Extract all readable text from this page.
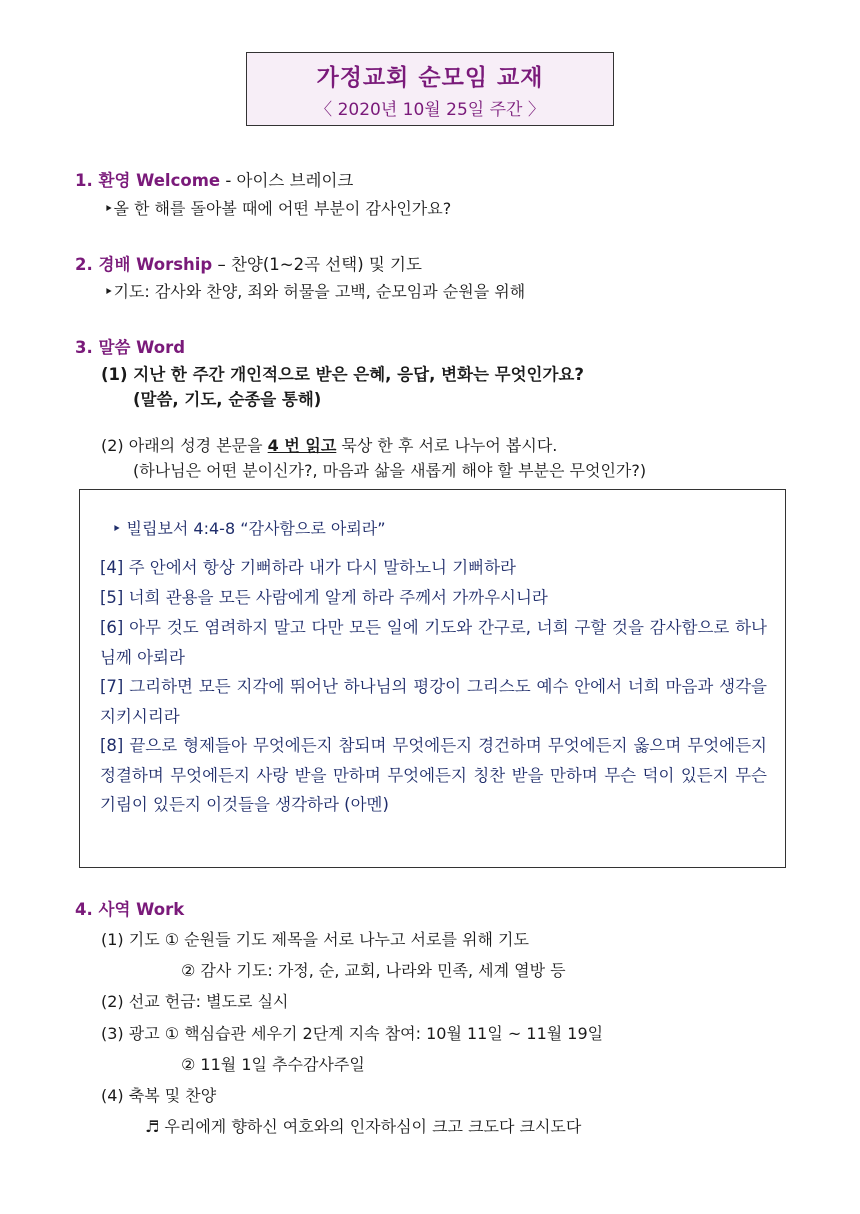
가정교회 순모임 교재
〈 2020년 10월 25일 주간 〉
1. 환영 Welcome - 아이스 브레이크
‣올 한 해를 돌아볼 때에 어떤 부분이 감사인가요?
2. 경배 Worship – 찬양(1~2곡 선택) 및 기도
‣기도: 감사와 찬양, 죄와 허물을 고백, 순모임과 순원을 위해
3. 말씀 Word
(1) 지난 한 주간 개인적으로 받은 은혜, 응답, 변화는 무엇인가요?
(말씀, 기도, 순종을 통해)
(2) 아래의 성경 본문을 4 번 읽고 묵상 한 후 서로 나누어 봅시다.
(하나님은 어떤 분이신가?, 마음과 삶을 새롭게 해야 할 부분은 무엇인가?)
‣ 빌립보서 4:4-8 “감사함으로 아뢰라”
[4] 주 안에서 항상 기뻐하라 내가 다시 말하노니 기뻐하라
[5] 너희 관용을 모든 사람에게 알게 하라 주께서 가까우시니라
[6] 아무 것도 염려하지 말고 다만 모든 일에 기도와 간구로, 너희 구할 것을 감사함으로 하나님께 아뢰라
[7] 그리하면 모든 지각에 뛰어난 하나님의 평강이 그리스도 예수 안에서 너희 마음과 생각을 지키시리라
[8] 끝으로 형제들아 무엇에든지 참되며 무엇에든지 경건하며 무엇에든지 옳으며 무엇에든지 정결하며 무엇에든지 사랑 받을 만하며 무엇에든지 칭찬 받을 만하며 무슨 덕이 있든지 무슨 기림이 있든지 이것들을 생각하라 (아멘)
4. 사역 Work
(1) 기도 ① 순원들 기도 제목을 서로 나누고 서로를 위해 기도
② 감사 기도: 가정, 순, 교회, 나라와 민족, 세계 열방 등
(2) 선교 헌금: 별도로 실시
(3) 광고 ① 핵심습관 세우기 2단계 지속 참여: 10월 11일 ~ 11월 19일
② 11월 1일 추수감사주일
(4) 축복 및 찬양
♬ 우리에게 향하신 여호와의 인자하심이 크고 크도다 크시도다
